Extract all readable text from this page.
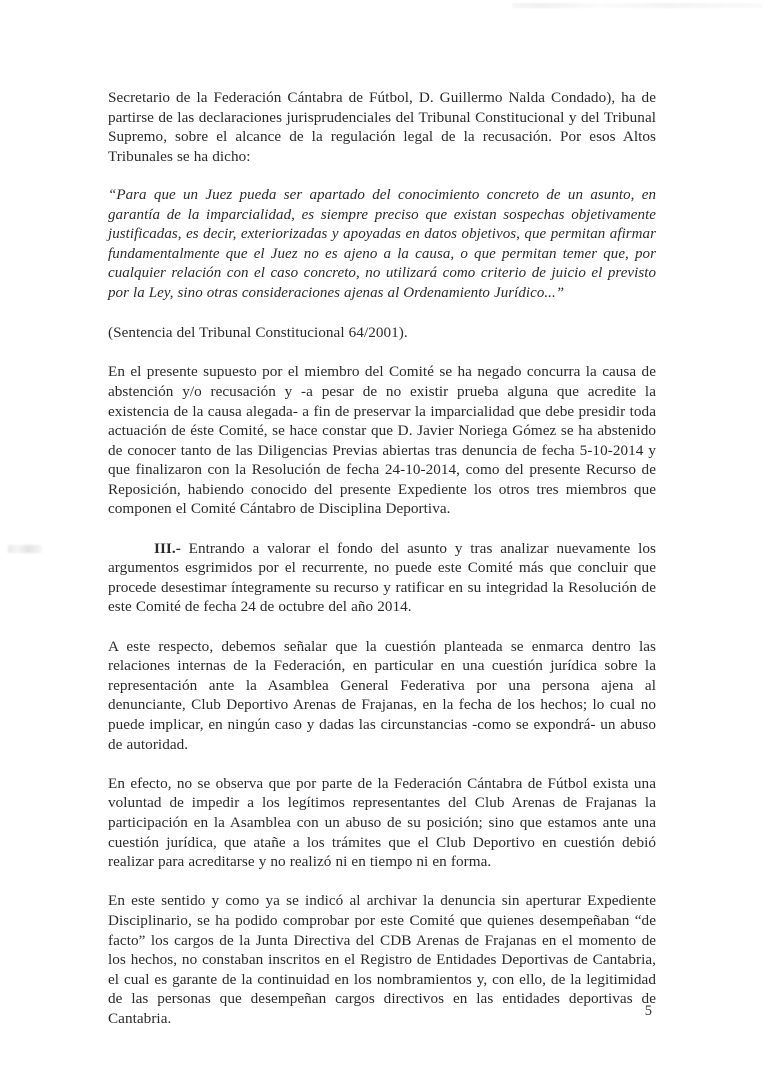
Secretario de la Federación Cántabra de Fútbol, D. Guillermo Nalda Condado), ha de partirse de las declaraciones jurisprudenciales del Tribunal Constitucional y del Tribunal Supremo, sobre el alcance de la regulación legal de la recusación. Por esos Altos Tribunales se ha dicho:

“Para que un Juez pueda ser apartado del conocimiento concreto de un asunto, en garantía de la imparcialidad, es siempre preciso que existan sospechas objetivamente justificadas, es decir, exteriorizadas y apoyadas en datos objetivos, que permitan afirmar fundamentalmente que el Juez no es ajeno a la causa, o que permitan temer que, por cualquier relación con el caso concreto, no utilizará como criterio de juicio el previsto por la Ley, sino otras consideraciones ajenas al Ordenamiento Jurídico...”

(Sentencia del Tribunal Constitucional 64/2001).

En el presente supuesto por el miembro del Comité se ha negado concurra la causa de abstención y/o recusación y -a pesar de no existir prueba alguna que acredite la existencia de la causa alegada- a fin de preservar la imparcialidad que debe presidir toda actuación de éste Comité, se hace constar que D. Javier Noriega Gómez se ha abstenido de conocer tanto de las Diligencias Previas abiertas tras denuncia de fecha 5-10-2014 y que finalizaron con la Resolución de fecha 24-10-2014, como del presente Recurso de Reposición, habiendo conocido del presente Expediente los otros tres miembros que componen el Comité Cántabro de Disciplina Deportiva.

III.- Entrando a valorar el fondo del asunto y tras analizar nuevamente los argumentos esgrimidos por el recurrente, no puede este Comité más que concluir que procede desestimar íntegramente su recurso y ratificar en su integridad la Resolución de este Comité de fecha 24 de octubre del año 2014.

A este respecto, debemos señalar que la cuestión planteada se enmarca dentro las relaciones internas de la Federación, en particular en una cuestión jurídica sobre la representación ante la Asamblea General Federativa por una persona ajena al denunciante, Club Deportivo Arenas de Frajanas, en la fecha de los hechos; lo cual no puede implicar, en ningún caso y dadas las circunstancias -como se expondrá- un abuso de autoridad.

En efecto, no se observa que por parte de la Federación Cántabra de Fútbol exista una voluntad de impedir a los legítimos representantes del Club Arenas de Frajanas la participación en la Asamblea con un abuso de su posición; sino que estamos ante una cuestión jurídica, que atañe a los trámites que el Club Deportivo en cuestión debió realizar para acreditarse y no realizó ni en tiempo ni en forma.

En este sentido y como ya se indicó al archivar la denuncia sin aperturar Expediente Disciplinario, se ha podido comprobar por este Comité que quienes desempeñaban “de facto” los cargos de la Junta Directiva del CDB Arenas de Frajanas en el momento de los hechos, no constaban inscritos en el Registro de Entidades Deportivas de Cantabria, el cual es garante de la continuidad en los nombramientos y, con ello, de la legitimidad de las personas que desempeñan cargos directivos en las entidades deportivas de Cantabria.	5
